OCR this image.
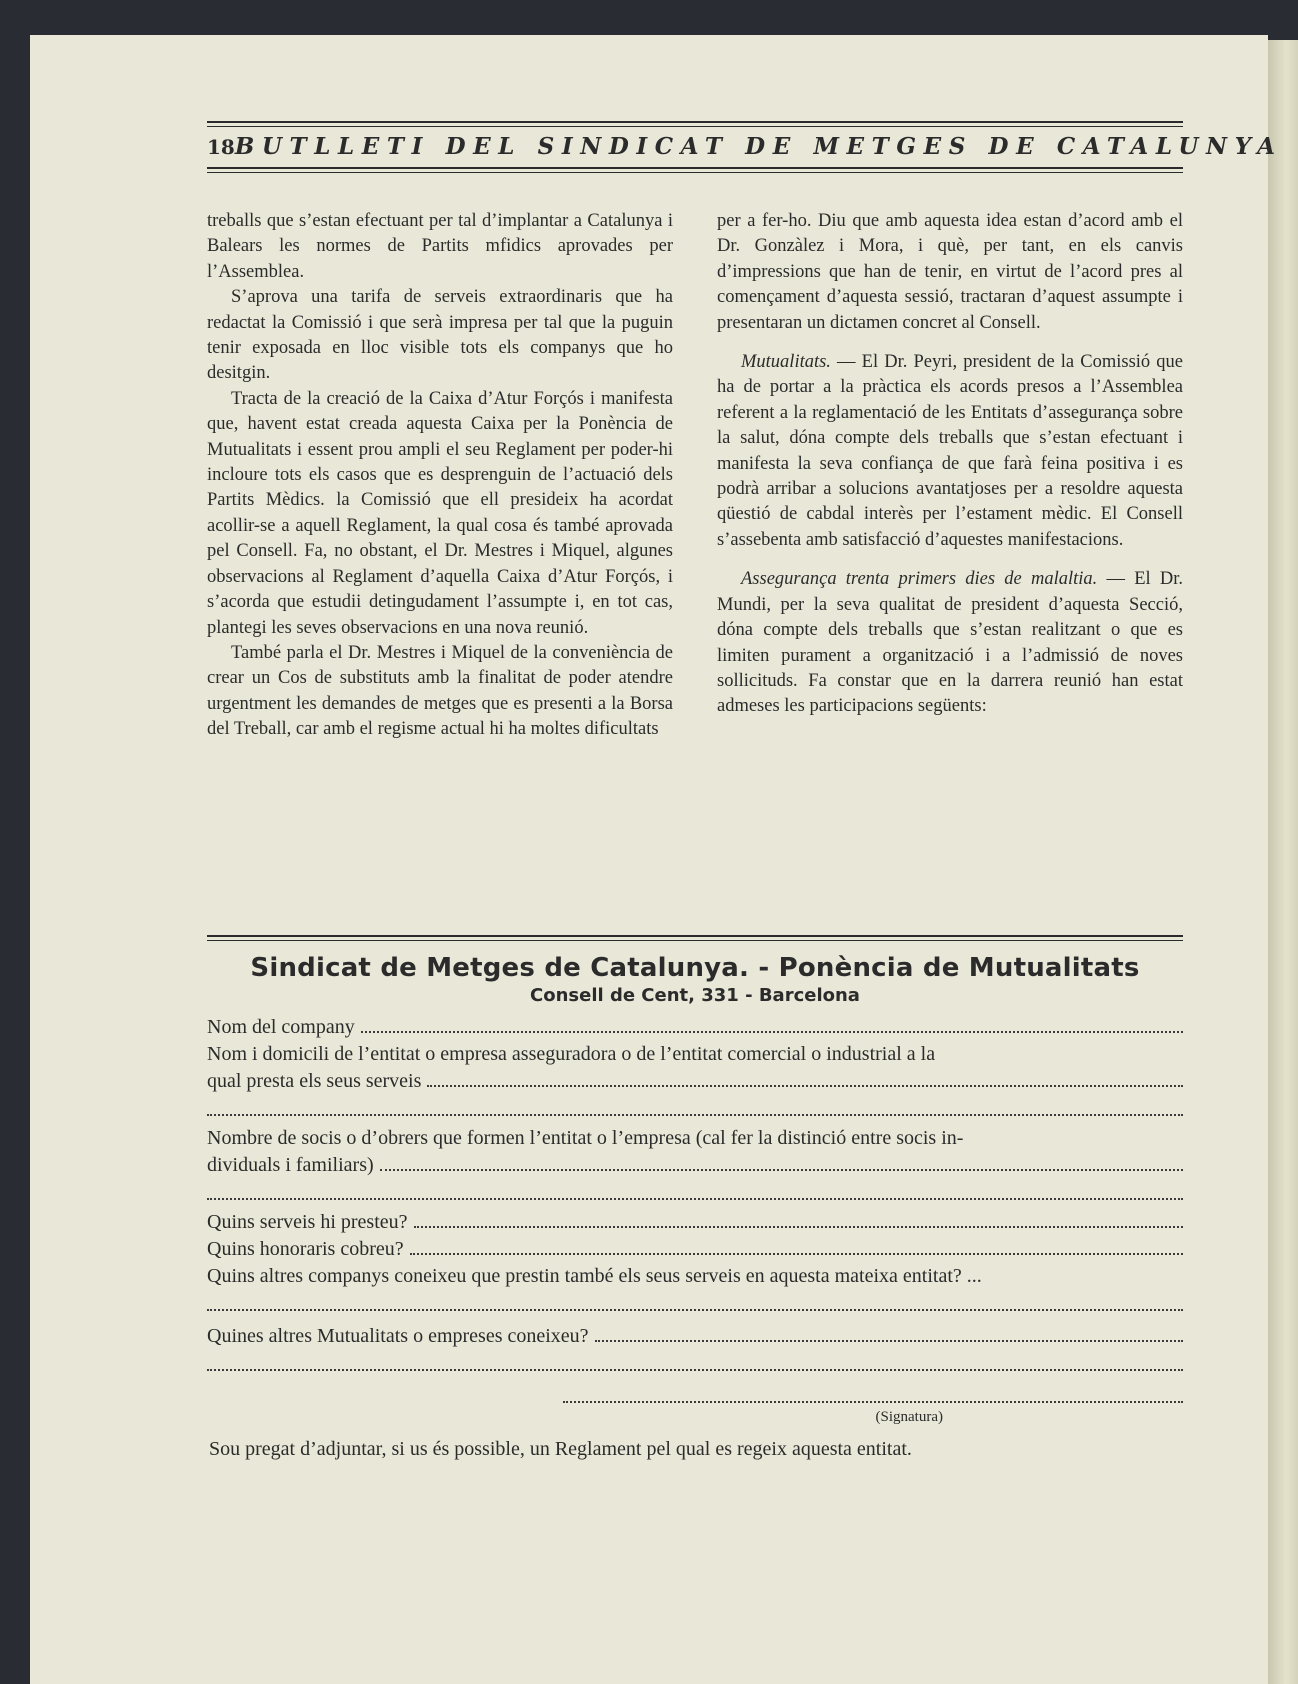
18 BUTLLETI DEL SINDICAT DE METGES DE CATALUNYA

treballs que s’estan efectuant per tal d’implantar a Catalunya i Balears les normes de Partits mfidics aprovades per l’Assemblea.

S’aprova una tarifa de serveis extraordinaris que ha redactat la Comissió i que serà impresa per tal que la puguin tenir exposada en lloc visible tots els companys que ho desitgin.

Tracta de la creació de la Caixa d’Atur Forçós i manifesta que, havent estat creada aquesta Caixa per la Ponència de Mutualitats i essent prou ampli el seu Reglament per poder-hi incloure tots els casos que es desprenguin de l’actuació dels Partits Mèdics. la Comissió que ell presideix ha acordat acollir-se a aquell Reglament, la qual cosa és també aprovada pel Consell. Fa, no obstant, el Dr. Mestres i Miquel, algunes observacions al Reglament d’aquella Caixa d’Atur Forçós, i s’acorda que estudii detingudament l’assumpte i, en tot cas, plantegi les seves observacions en una nova reunió.

També parla el Dr. Mestres i Miquel de la conveniència de crear un Cos de substituts amb la finalitat de poder atendre urgentment les demandes de metges que es presenti a la Borsa del Treball, car amb el regisme actual hi ha moltes dificultats

per a fer-ho. Diu que amb aquesta idea estan d’acord amb el Dr. Gonzàlez i Mora, i què, per tant, en els canvis d’impressions que han de tenir, en virtut de l’acord pres al començament d’aquesta sessió, tractaran d’aquest assumpte i presentaran un dictamen concret al Consell.

Mutualitats. — El Dr. Peyri, president de la Comissió que ha de portar a la pràctica els acords presos a l’Assemblea referent a la reglamentació de les Entitats d’assegurança sobre la salut, dóna compte dels treballs que s’estan efectuant i manifesta la seva confiança de que farà feina positiva i es podrà arribar a solucions avantatjoses per a resoldre aquesta qüestió de cabdal interès per l’estament mèdic. El Consell s’assebenta amb satisfacció d’aquestes manifestacions.

Assegurança trenta primers dies de malaltia. — El Dr. Mundi, per la seva qualitat de president d’aquesta Secció, dóna compte dels treballs que s’estan realitzant o que es limiten purament a organització i a l’admissió de noves sollicituds. Fa constar que en la darrera reunió han estat admeses les participacions següents:

Sindicat de Metges de Catalunya. - Ponència de Mutualitats
Consell de Cent, 331 - Barcelona
Nom del company
Nom i domicili de l’entitat o empresa asseguradora o de l’entitat comercial o industrial a la
qual presta els seus serveis
Nombre de socis o d’obrers que formen l’entitat o l’empresa (cal fer la distinció entre socis in-
dividuals i familiars)
Quins serveis hi presteu?
Quins honoraris cobreu?
Quins altres companys coneixeu que prestin també els seus serveis en aquesta mateixa entitat? ...
Quines altres Mutualitats o empreses coneixeu?
(Signatura)
Sou pregat d’adjuntar, si us és possible, un Reglament pel qual es regeix aquesta entitat.
